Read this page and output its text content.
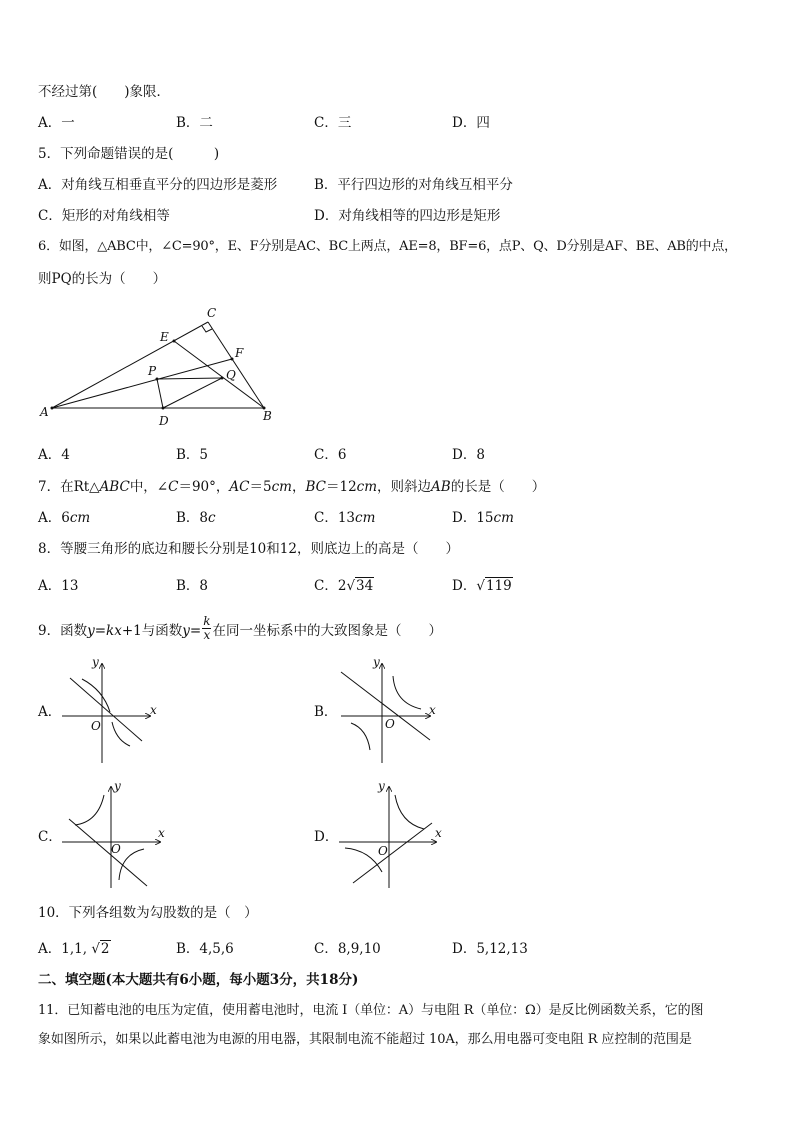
不经过第(　　)象限．
A．一	B．二	C．三	D．四
5．下列命题错误的是(　　　)
A．对角线互相垂直平分的四边形是菱形	B．平行四边形的对角线互相平分
C．矩形的对角线相等	D．对角线相等的四边形是矩形
6．如图，△ABC中，∠C=90°，E、F分别是AC、BC上两点，AE=8，BF=6，点P、Q、D分别是AF、BE、AB的中点，
则PQ的长为（　　）
A	B
C
D
E
F
P	Q
A．4	B．5	C．6	D．8
7．在Rt△ABC中，∠C＝90°，AC＝5cm，BC＝12cm，则斜边AB的长是（　　）
A．6cm	B．8c	C．13cm	D．15cm
8．等腰三角形的底边和腰长分别是10和12，则底边上的高是（　　）
A．13	B．8	C．2√34	D．√119
9．函数y=kx+1与函数$y= \frac{k}{x}$ 在同一坐标系中的大致图象是（　　）
A．	B．
C．	D．
x
y
O
x
y
O
x
y
O
x
y
O
10．下列各组数为勾股数的是（　）
A．1,1, √2	B．4,5,6	C．8,9,10	D．5,12,13
二、填空题(本大题共有6小题，每小题3分，共18分)
11．已知蓄电池的电压为定值，使用蓄电池时，电流 I（单位：A）与电阻 R（单位：Ω）是反比例函数关系，它的图
象如图所示，如果以此蓄电池为电源的用电器，其限制电流不能超过 10A，那么用电器可变电阻 R 应控制的范围是
